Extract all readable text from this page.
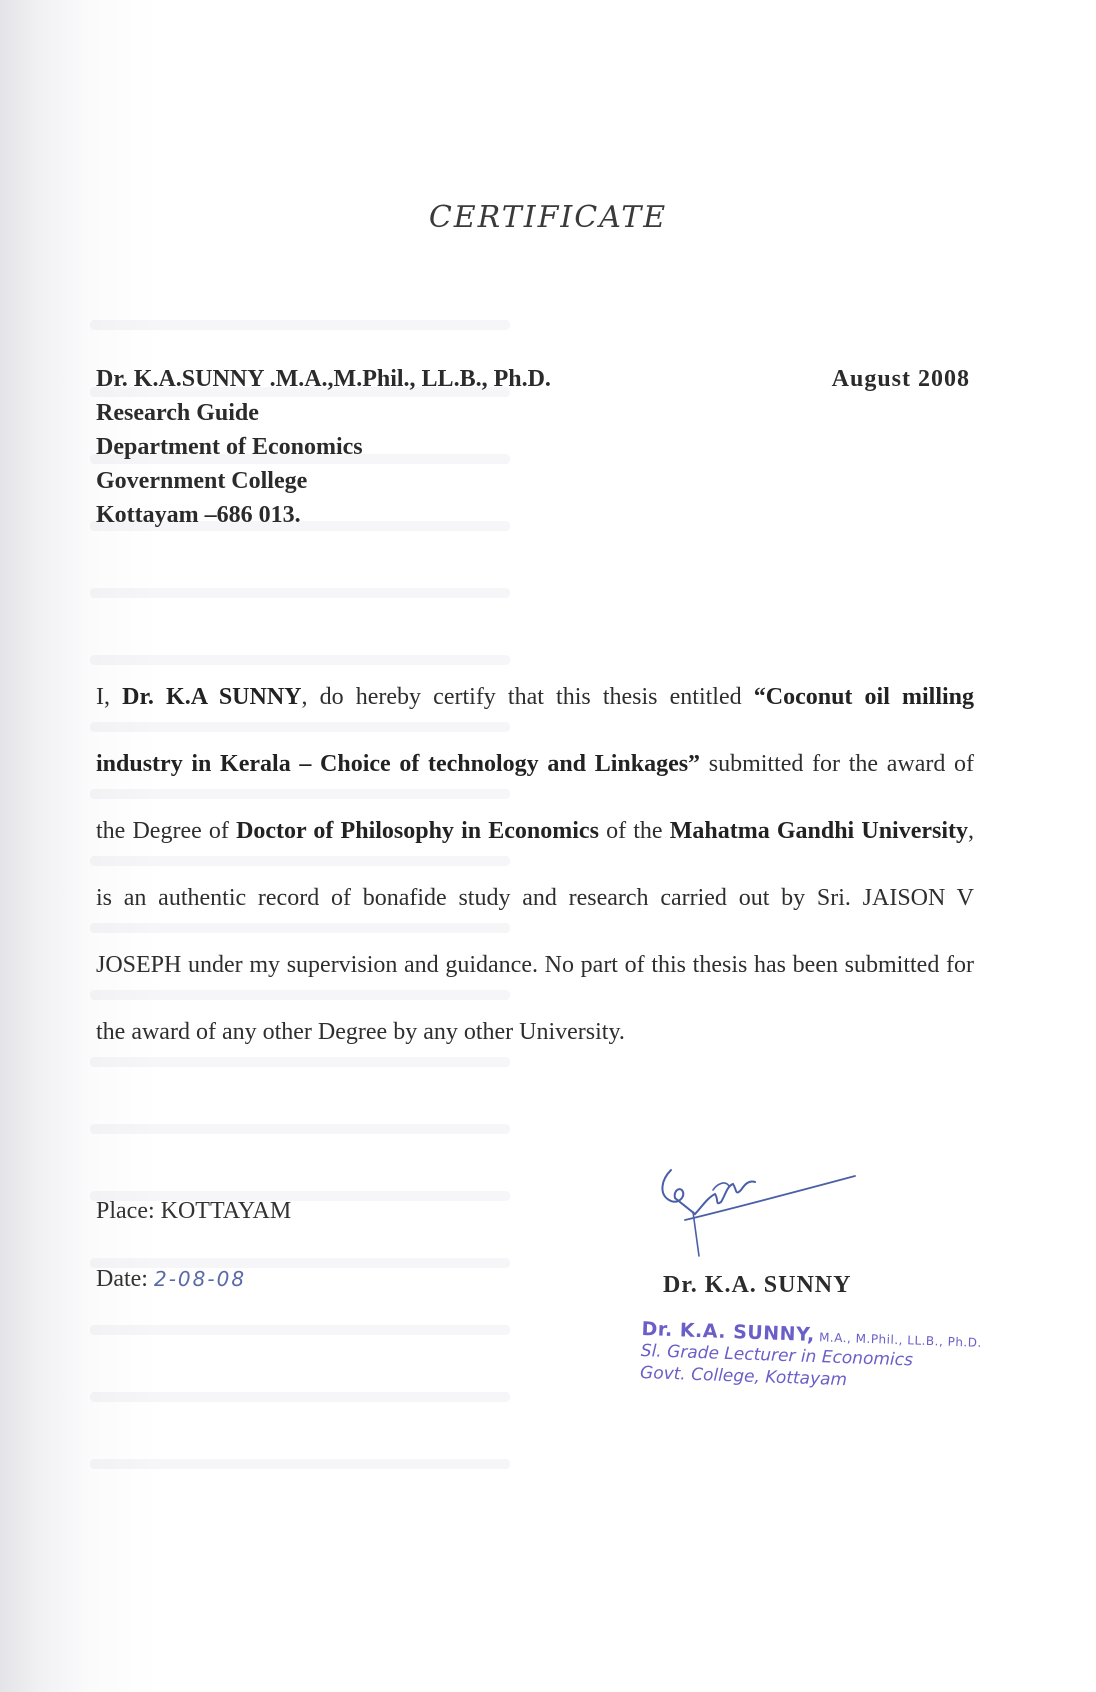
CERTIFICATE
Dr. K.A.SUNNY .M.A.,M.Phil., LL.B., Ph.D.
Research Guide
Department of Economics
Government College
Kottayam –686 013.
August 2008
I, Dr. K.A SUNNY, do hereby certify that this thesis entitled “Coconut oil milling industry in Kerala – Choice of technology and Linkages” submitted for the award of the Degree of Doctor of Philosophy in Economics of the Mahatma Gandhi University, is an authentic record of bonafide study and research carried out by Sri. JAISON V JOSEPH under my supervision and guidance. No part of this thesis has been submitted for the award of any other Degree by any other University.
Place: KOTTAYAM
Date: 2-08-08	Dr. K.A. SUNNY
Dr. K.A. SUNNY, M.A., M.Phil., LL.B., Ph.D.
Sl. Grade Lecturer in Economics
Govt. College, Kottayam
